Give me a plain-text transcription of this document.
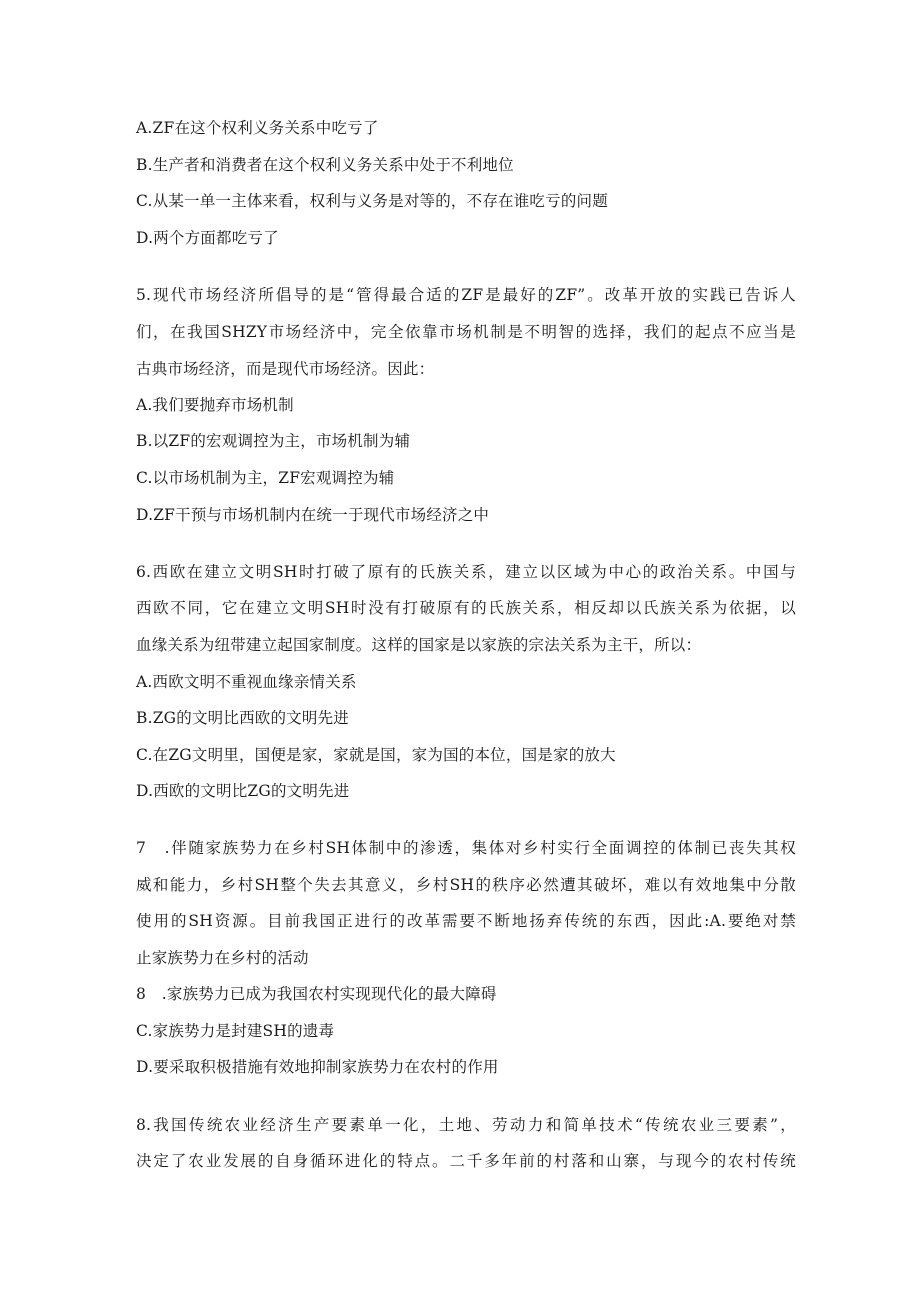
A.ZF在这个权利义务关系中吃亏了
B.生产者和消费者在这个权利义务关系中处于不利地位
C.从某一单一主体来看，权利与义务是对等的，不存在谁吃亏的问题
D.两个方面都吃亏了
5.现代市场经济所倡导的是“管得最合适的ZF是最好的ZF”。改革开放的实践已告诉人
们，在我国SHZY市场经济中，完全依靠市场机制是不明智的选择，我们的起点不应当是
古典市场经济，而是现代市场经济。因此：
A.我们要抛弃市场机制
B.以ZF的宏观调控为主，市场机制为辅
C.以市场机制为主，ZF宏观调控为辅
D.ZF干预与市场机制内在统一于现代市场经济之中
6.西欧在建立文明SH时打破了原有的氏族关系，建立以区域为中心的政治关系。中国与
西欧不同，它在建立文明SH时没有打破原有的氏族关系，相反却以氏族关系为依据，以
血缘关系为纽带建立起国家制度。这样的国家是以家族的宗法关系为主干，所以：
A.西欧文明不重视血缘亲情关系
B.ZG的文明比西欧的文明先进
C.在ZG文明里，国便是家，家就是国，家为国的本位，国是家的放大
D.西欧的文明比ZG的文明先进
7　.伴随家族势力在乡村SH体制中的渗透，集体对乡村实行全面调控的体制已丧失其权
威和能力，乡村SH整个失去其意义，乡村SH的秩序必然遭其破坏，难以有效地集中分散
使用的SH资源。目前我国正进行的改革需要不断地扬弃传统的东西，因此:A.要绝对禁
止家族势力在乡村的活动
8　.家族势力已成为我国农村实现现代化的最大障碍
C.家族势力是封建SH的遗毒
D.要采取积极措施有效地抑制家族势力在农村的作用
8.我国传统农业经济生产要素单一化，土地、劳动力和简单技术“传统农业三要素”，
决定了农业发展的自身循环进化的特点。二千多年前的村落和山寨，与现今的农村传统
